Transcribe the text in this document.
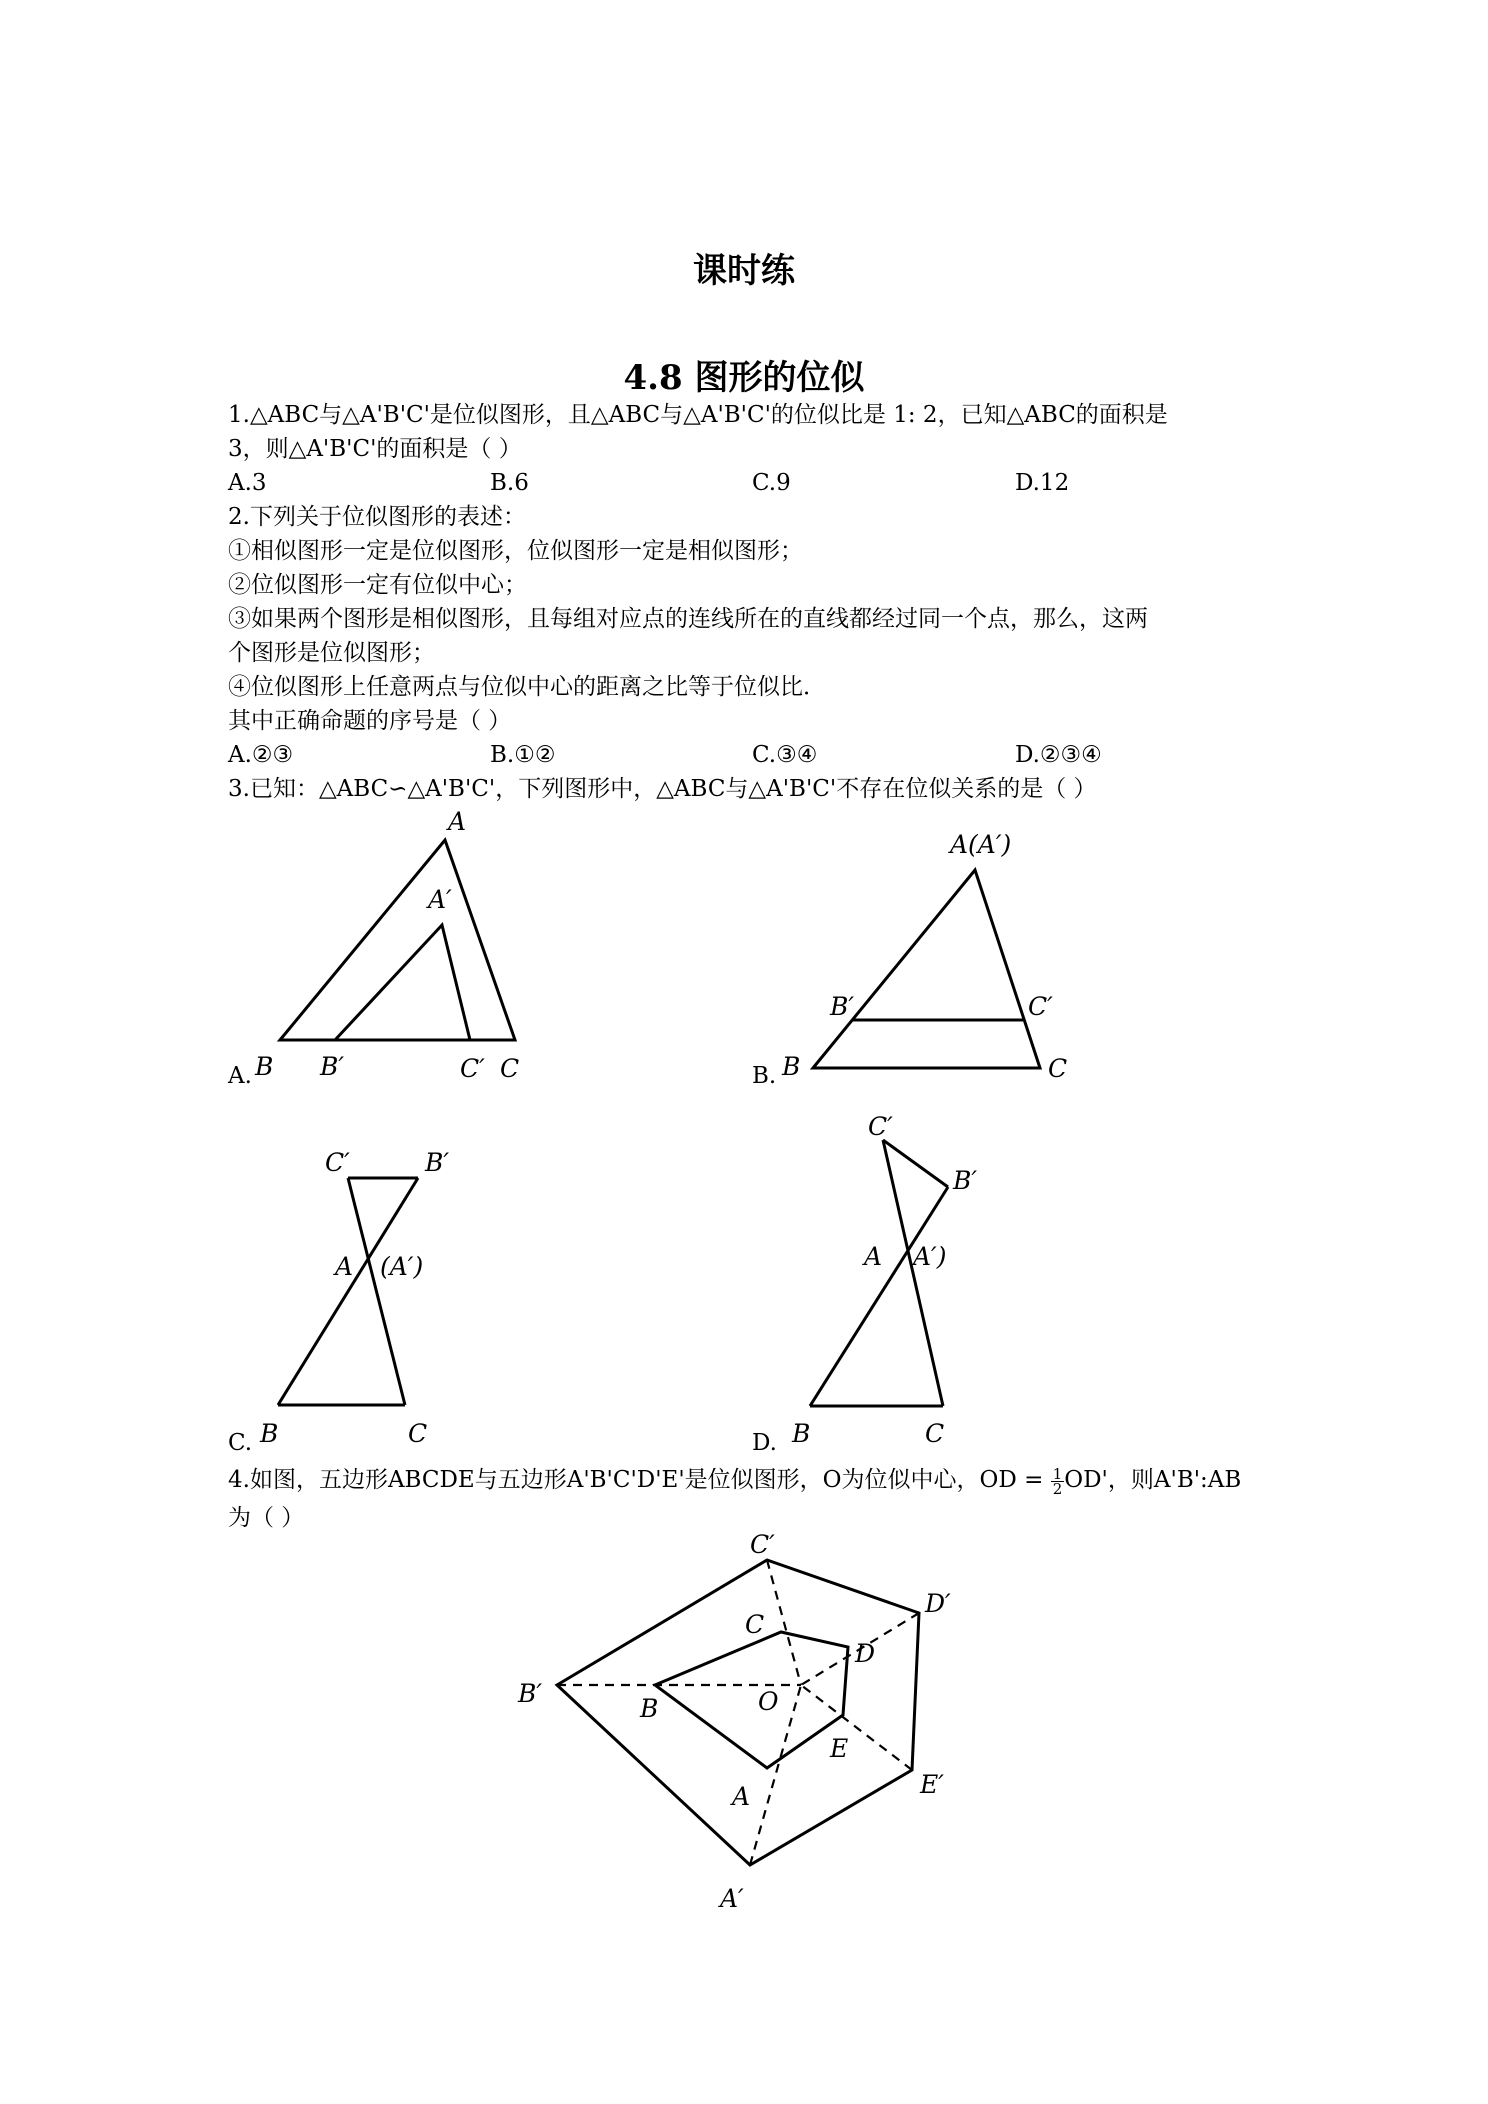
课时练
4.8 图形的位似
1.△ABC与△A'B'C'是位似图形，且△ABC与△A'B'C'的位似比是 1: 2，已知△ABC的面积是
3，则△A'B'C'的面积是（ ）
A.3	B.6	C.9	D.12
2.下列关于位似图形的表述：
①相似图形一定是位似图形，位似图形一定是相似图形；
②位似图形一定有位似中心；
③如果两个图形是相似图形，且每组对应点的连线所在的直线都经过同一个点，那么，这两
个图形是位似图形；
④位似图形上任意两点与位似中心的距离之比等于位似比．
其中正确命题的序号是（ ）
A.②③	B.①②	C.③④	D.②③④
3.已知：△ABC∽△A'B'C'，下列图形中，△ABC与△A'B'C'不存在位似关系的是（ ）
A
A′
B B′	C′ C
A.
A(A′)
B′	C′
B	C
B.
C′	B′
A (A′)
B	C
C.
C′
B′
A A′)
B	C
D.
4.如图，五边形ABCDE与五边形A'B'C'D'E'是位似图形，O为位似中心，OD = $\frac{1}{2} OD'$，则A'B':AB
为（ ）
B′
C′
D′
E′
A′
B
C
D
E
A
O
